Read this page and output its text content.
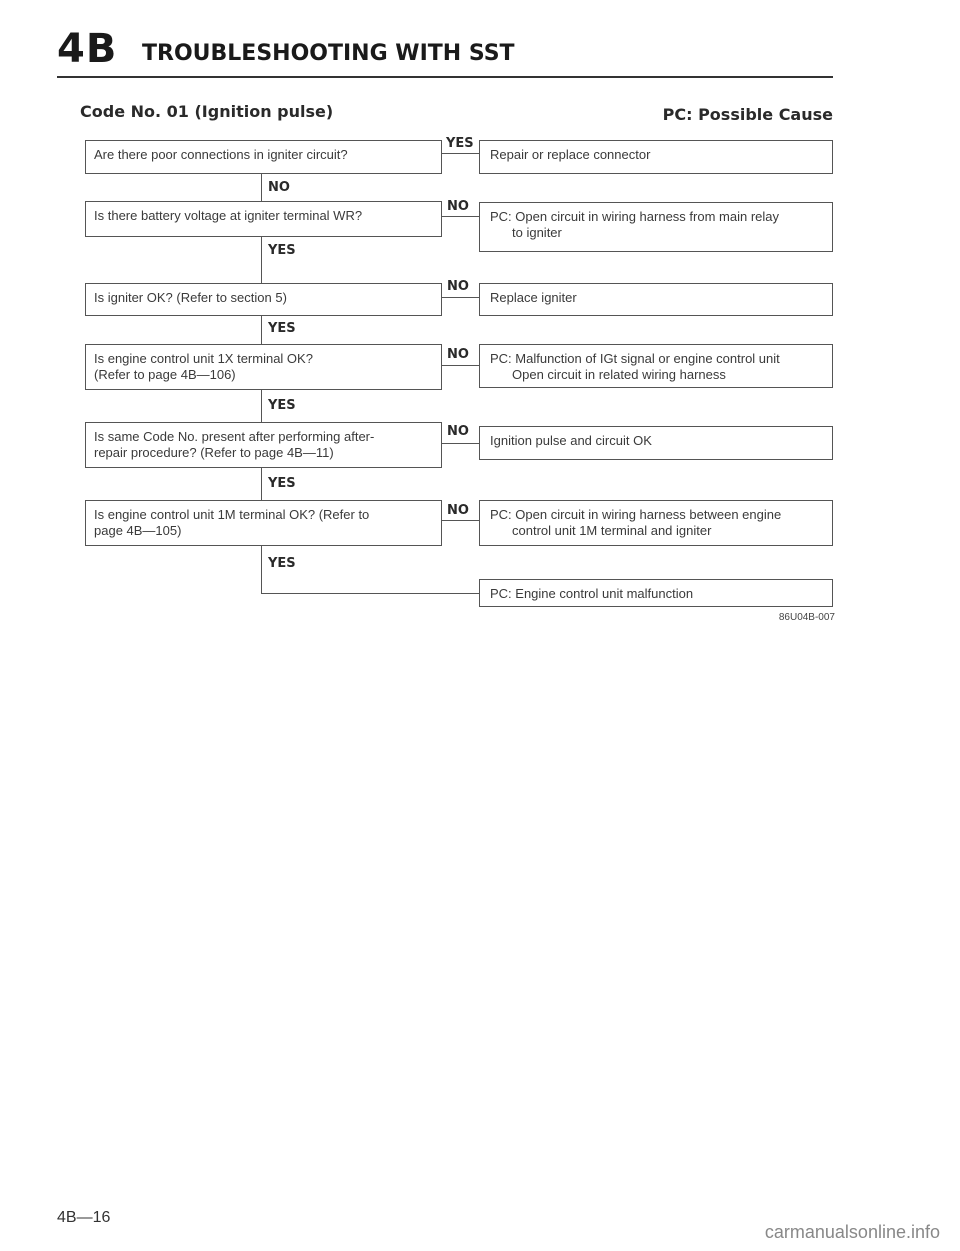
4B TROUBLESHOOTING WITH SST
Code No. 01 (Ignition pulse)	PC: Possible Cause
Are there poor connections in igniter circuit?
YES
Repair or replace connector
NO
Is there battery voltage at igniter terminal WR?
NO
PC: Open circuit in wiring harness from main relay
to igniter
YES
Is igniter OK? (Refer to section 5)
NO
Replace igniter
YES
Is engine control unit 1X terminal OK?
(Refer to page 4B—106)
NO	PC: Malfunction of IGt signal or engine control unit
Open circuit in related wiring harness
YES
Is same Code No. present after performing after-
repair procedure? (Refer to page 4B—11)
NO
Ignition pulse and circuit OK
YES
Is engine control unit 1M terminal OK? (Refer to
page 4B—105)
NO	PC: Open circuit in wiring harness between engine
control unit 1M terminal and igniter
YES
PC: Engine control unit malfunction
86U04B-007
4B—16
carmanualsonline.info
